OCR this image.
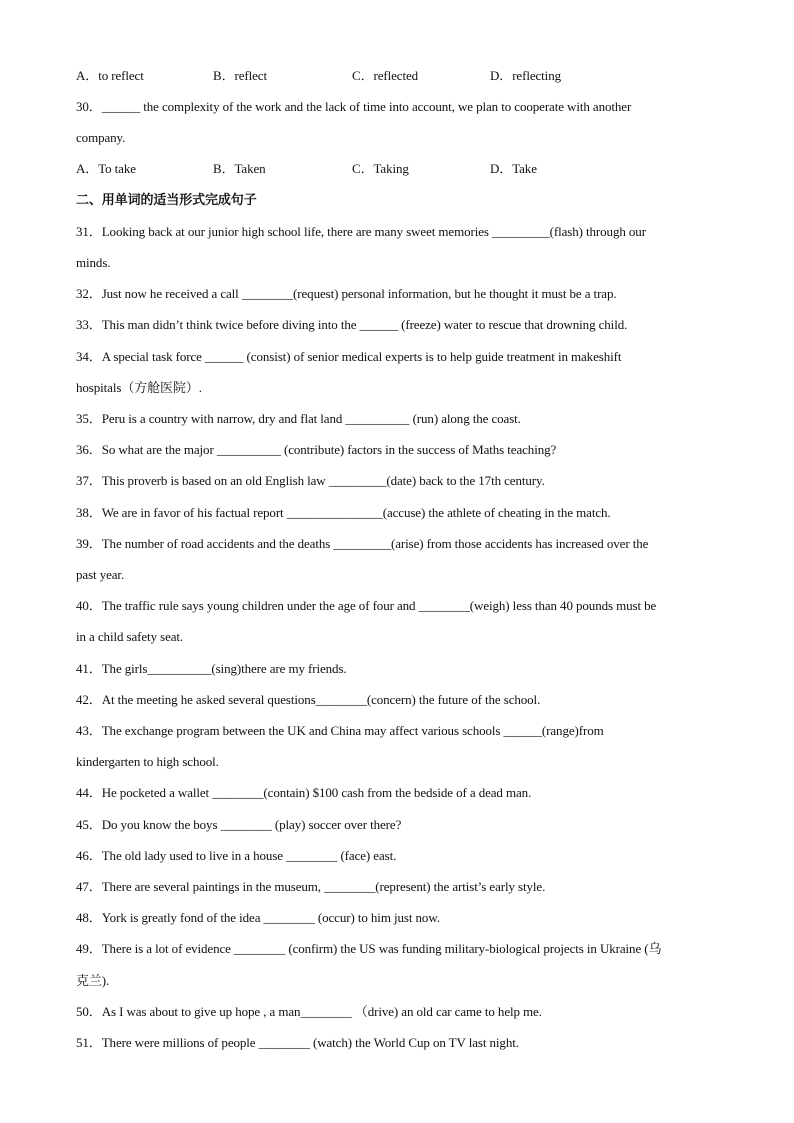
A．to reflect	B．reflect	C．reflected	D．reflecting
30．______ the complexity of the work and the lack of time into account, we plan to cooperate with another
company.
A．To take	B．Taken	C．Taking	D．Take
二、用单词的适当形式完成句子
31．Looking back at our junior high school life, there are many sweet memories _________(flash) through our
minds.
32．Just now he received a call ________(request) personal information, but he thought it must be a trap.
33．This man didn’t think twice before diving into the ______ (freeze) water to rescue that drowning child.
34．A special task force ______ (consist) of senior medical experts is to help guide treatment in makeshift
hospitals（方舱医院）.
35．Peru is a country with narrow, dry and flat land __________ (run) along the coast.
36．So what are the major __________ (contribute) factors in the success of Maths teaching?
37．This proverb is based on an old English law _________(date) back to the 17th century.
38．We are in favor of his factual report _______________(accuse) the athlete of cheating in the match.
39．The number of road accidents and the deaths _________(arise) from those accidents has increased over the
past year.
40．The traffic rule says young children under the age of four and ________(weigh) less than 40 pounds must be
in a child safety seat.
41．The girls__________(sing)there are my friends.
42．At the meeting he asked several questions________(concern) the future of the school.
43．The exchange program between the UK and China may affect various schools ______(range)from
kindergarten to high school.
44．He pocketed a wallet ________(contain) $100 cash from the bedside of a dead man.
45．Do you know the boys ________ (play) soccer over there?
46．The old lady used to live in a house ________ (face) east.
47．There are several paintings in the museum, ________(represent) the artist’s early style.
48．York is greatly fond of the idea ________ (occur) to him just now.
49．There is a lot of evidence ________ (confirm) the US was funding military-biological projects in Ukraine (乌
克兰).
50．As I was about to give up hope , a man________ （drive) an old car came to help me.
51．There were millions of people ________ (watch) the World Cup on TV last night.
